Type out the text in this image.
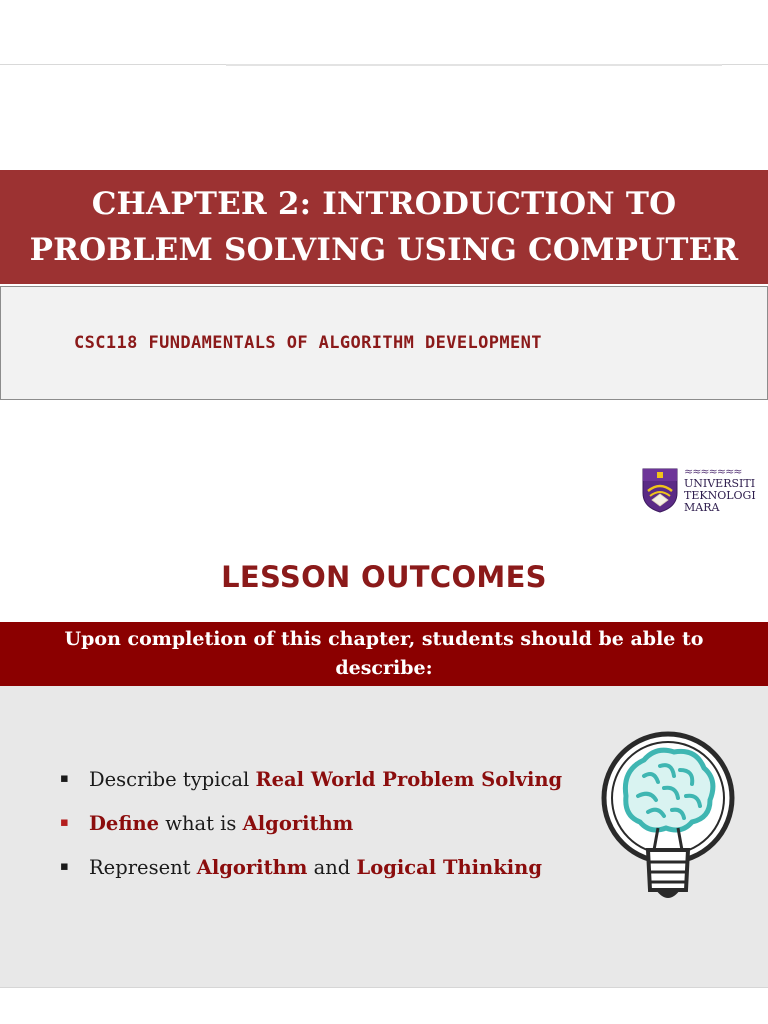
CHAPTER 2: INTRODUCTION TO
PROBLEM SOLVING USING COMPUTER
CSC118 FUNDAMENTALS OF ALGORITHM DEVELOPMENT
≈≈≈≈≈≈≈
UNIVERSITI
TEKNOLOGI
MARA
LESSON OUTCOMES
Upon completion of this chapter, students should be able to
describe:
▪ Describe typical Real World Problem Solving
▪ Define what is Algorithm
▪ Represent Algorithm and Logical Thinking
